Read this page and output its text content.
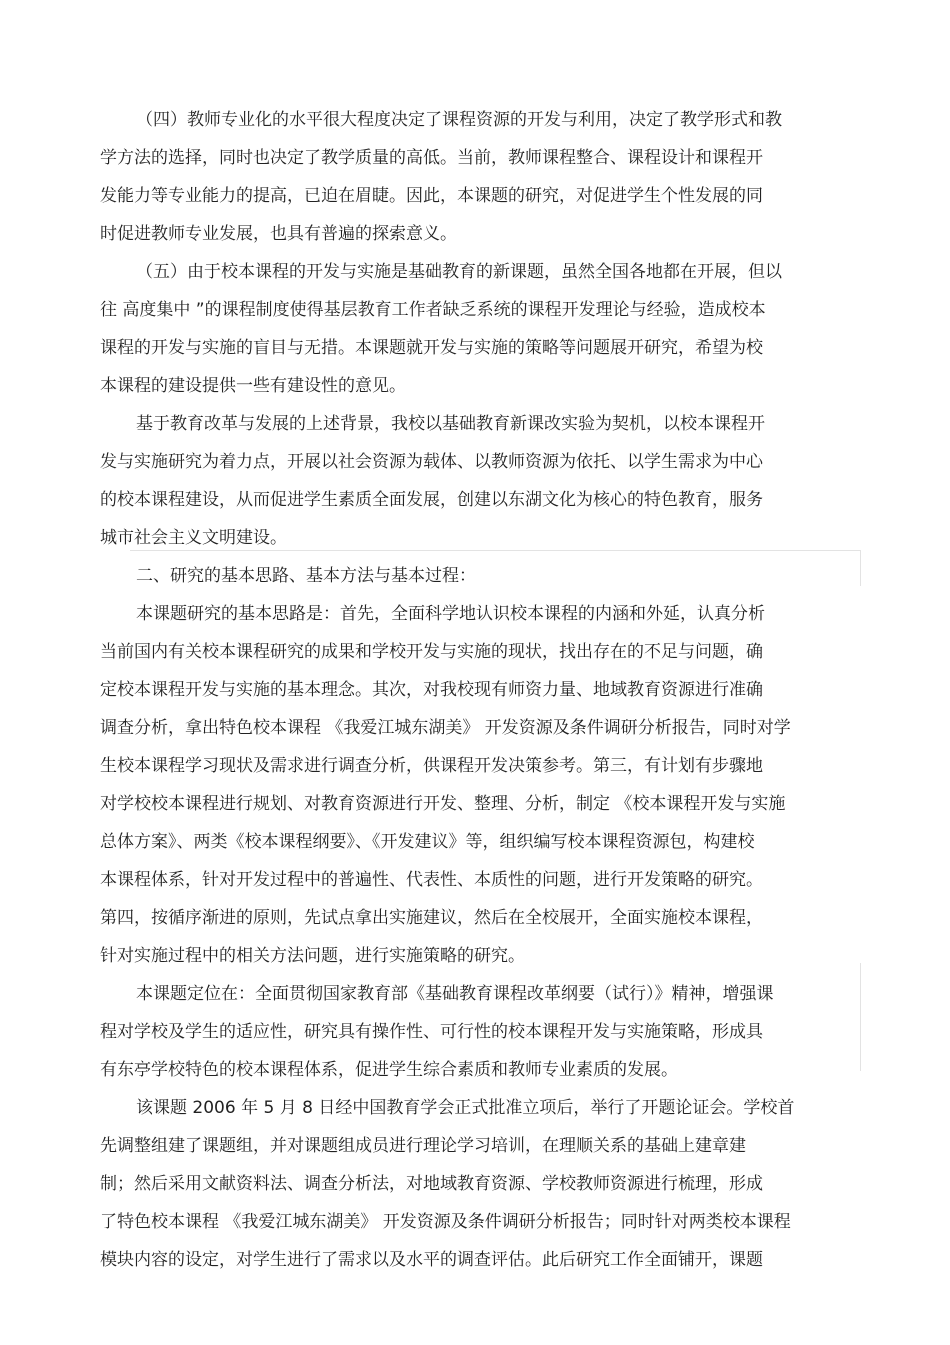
（四）教师专业化的水平很大程度决定了课程资源的开发与利用，决定了教学形式和教
学方法的选择，同时也决定了教学质量的高低。当前，教师课程整合、课程设计和课程开
发能力等专业能力的提高，已迫在眉睫。因此，本课题的研究，对促进学生个性发展的同
时促进教师专业发展，也具有普遍的探索意义。
（五）由于校本课程的开发与实施是基础教育的新课题，虽然全国各地都在开展，但以
往 高度集中 ”的课程制度使得基层教育工作者缺乏系统的课程开发理论与经验，造成校本
课程的开发与实施的盲目与无措。本课题就开发与实施的策略等问题展开研究，希望为校
本课程的建设提供一些有建设性的意见。
基于教育改革与发展的上述背景，我校以基础教育新课改实验为契机，以校本课程开
发与实施研究为着力点，开展以社会资源为载体、以教师资源为依托、以学生需求为中心
的校本课程建设，从而促进学生素质全面发展，创建以东湖文化为核心的特色教育，服务
城市社会主义文明建设。
二、研究的基本思路、基本方法与基本过程：
本课题研究的基本思路是：首先，全面科学地认识校本课程的内涵和外延，认真分析
当前国内有关校本课程研究的成果和学校开发与实施的现状，找出存在的不足与问题，确
定校本课程开发与实施的基本理念。其次，对我校现有师资力量、地域教育资源进行准确
调查分析，拿出特色校本课程 《我爱江城东湖美》 开发资源及条件调研分析报告，同时对学
生校本课程学习现状及需求进行调查分析，供课程开发决策参考。第三，有计划有步骤地
对学校校本课程进行规划、对教育资源进行开发、整理、分析，制定 《校本课程开发与实施
总体方案》、两类《校本课程纲要》、《开发建议》等，组织编写校本课程资源包，构建校
本课程体系，针对开发过程中的普遍性、代表性、本质性的问题，进行开发策略的研究。
第四，按循序渐进的原则，先试点拿出实施建议，然后在全校展开，全面实施校本课程，
针对实施过程中的相关方法问题，进行实施策略的研究。
本课题定位在：全面贯彻国家教育部《基础教育课程改革纲要（试行）》精神，增强课
程对学校及学生的适应性，研究具有操作性、可行性的校本课程开发与实施策略，形成具
有东亭学校特色的校本课程体系，促进学生综合素质和教师专业素质的发展。
该课题 2006 年 5 月 8 日经中国教育学会正式批准立项后，举行了开题论证会。学校首
先调整组建了课题组，并对课题组成员进行理论学习培训，在理顺关系的基础上建章建
制；然后采用文献资料法、调查分析法，对地域教育资源、学校教师资源进行梳理，形成
了特色校本课程 《我爱江城东湖美》 开发资源及条件调研分析报告；同时针对两类校本课程
模块内容的设定，对学生进行了需求以及水平的调查评估。此后研究工作全面铺开，课题
